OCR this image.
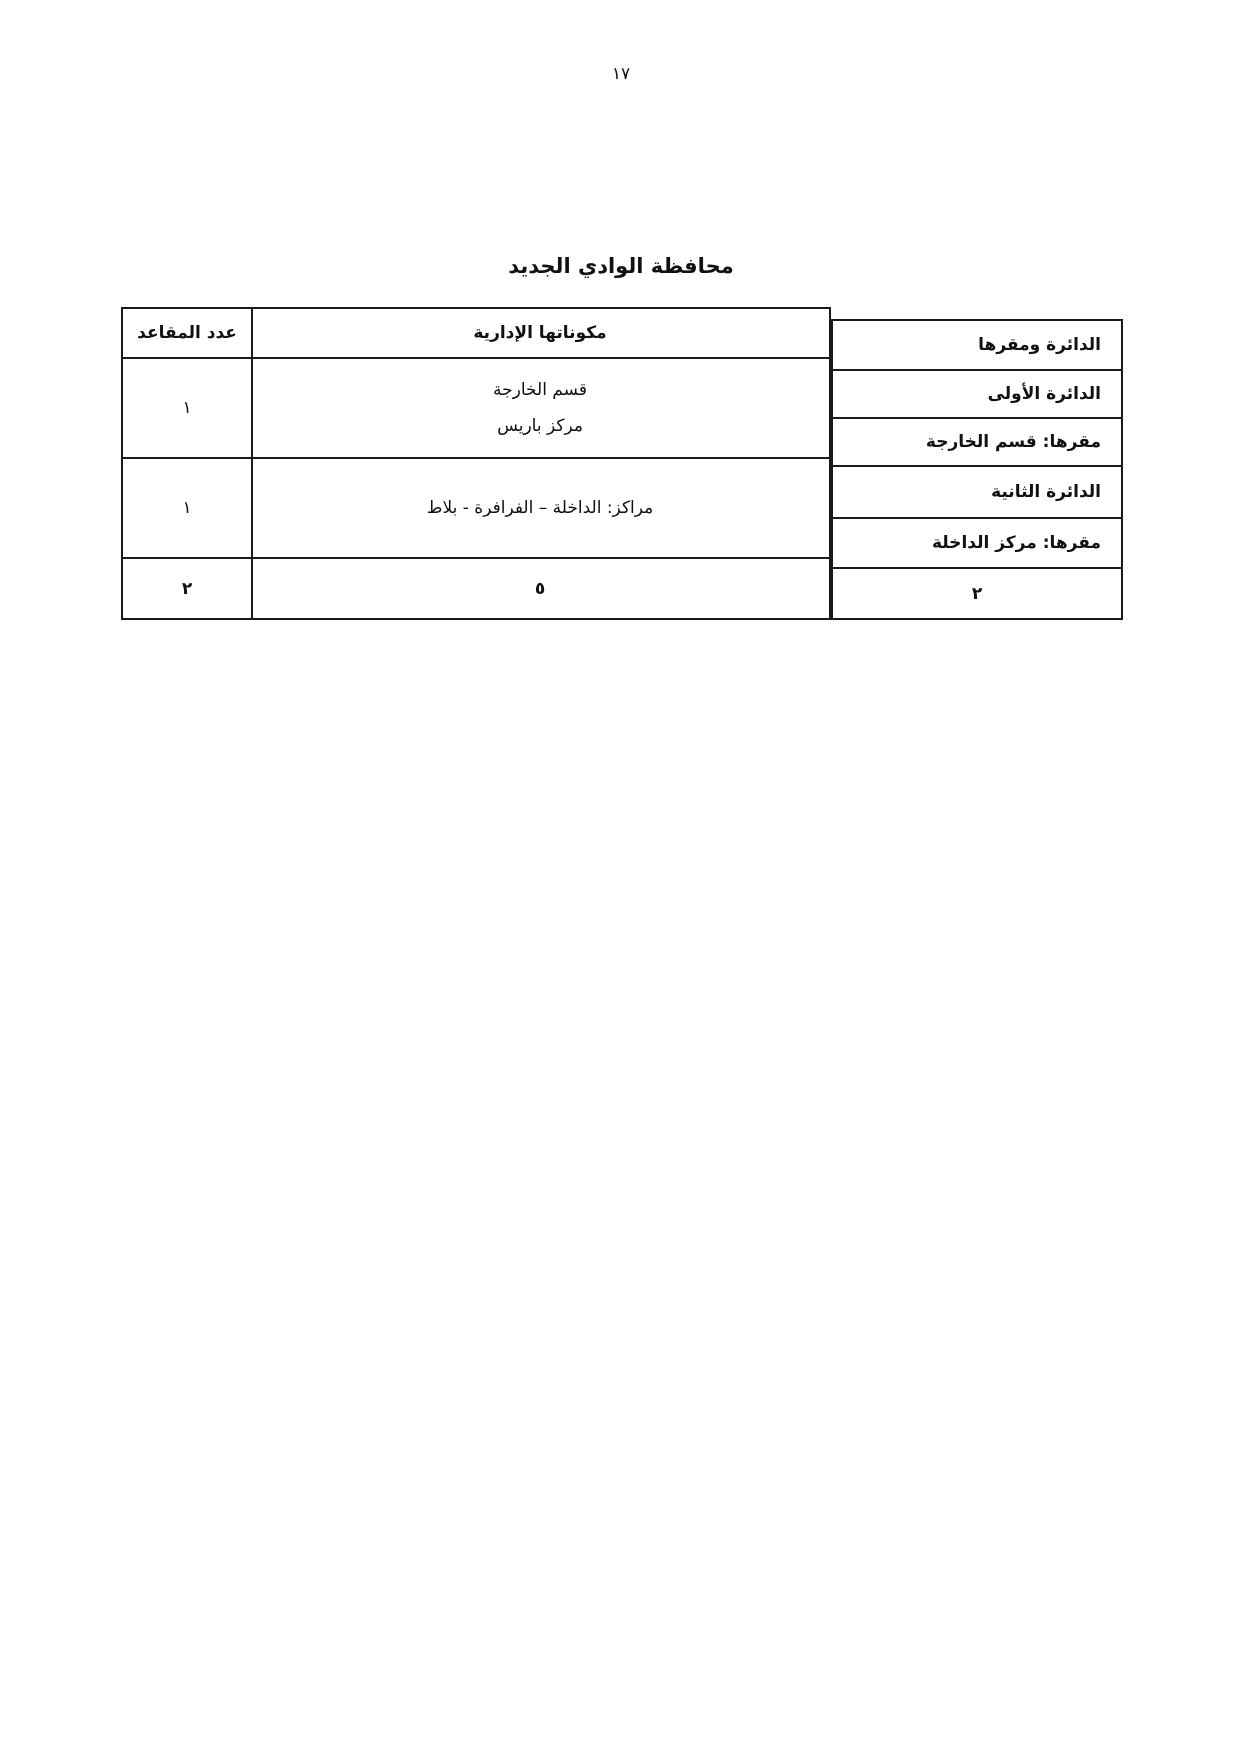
١٧
محافظة الوادي الجديد
عدد المقاعد
١
١
٢
مكوناتها الإدارية
قسم الخارجة
مركز باريس
مراكز: الداخلة – الفرافرة - بلاط
٥
الدائرة ومقرها
الدائرة الأولى
مقرها: قسم الخارجة
الدائرة الثانية
مقرها: مركز الداخلة
٢
